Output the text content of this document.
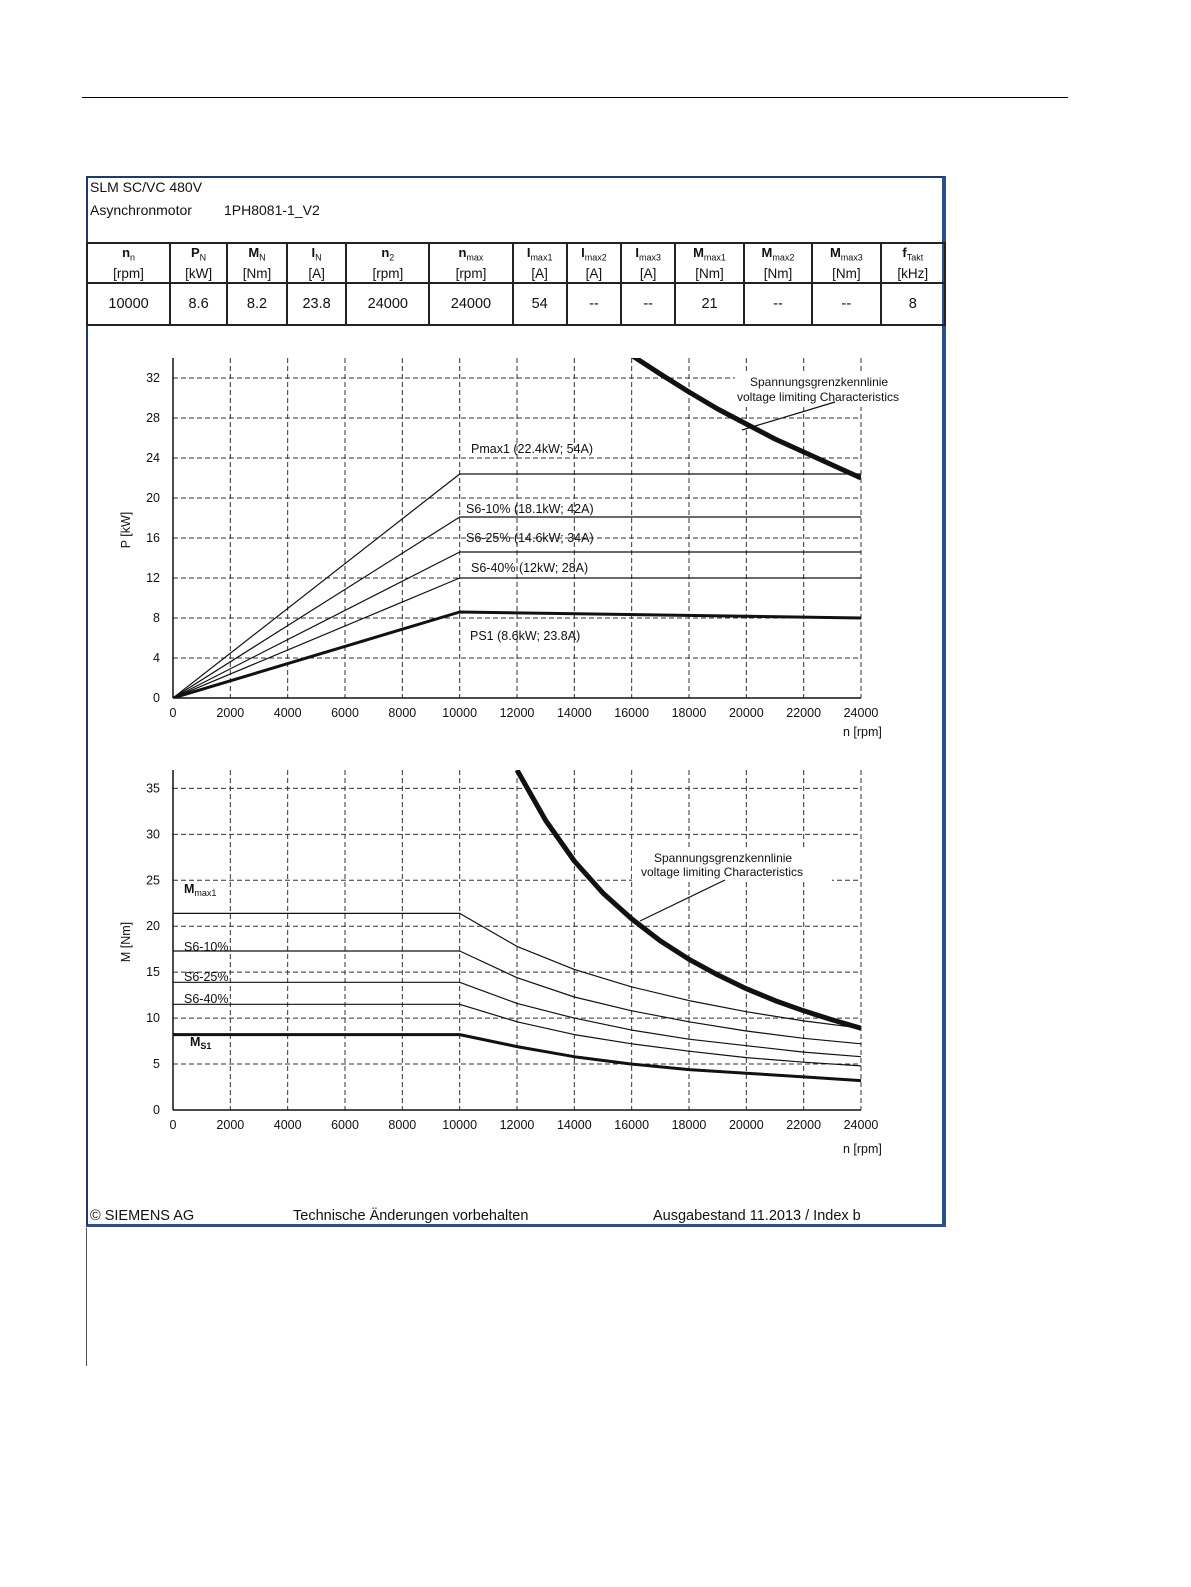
SLM SC/VC 480V
Asynchronmotor 1PH8081-1_V2
$n_n$	$P_N$	$M_N$	$I_N$	$n_2$	$n_{max}$	$I_{max1}$	$I_{max2}$	$I_{max3}$	$M_{max1}$	$M_{max2}$	$M_{max3}$	$f_{Takt}$
[rpm]	[kW]	[Nm]	[A]	[rpm]	[rpm]	[A]	[A]	[A]	[Nm]	[Nm]	[Nm]	[kHz]
10000	8.6	8.2	23.8	24000	24000	54	--	--	21	--	--	8
0	2000 4000 6000 8000 10000 12000 14000 16000 18000 20000 22000 24000
0
4
8
12
16
20
24
28
32
n [rpm]
P [kW]
Pmax1 (22.4kW; 54A)
S6-10% (18.1kW; 42A)
S6-25% (14.6kW; 34A)
S6-40% (12kW; 28A)
PS1 (8.6kW; 23.8A)
Spannungsgrenzkennlinie
voltage limiting Characteristics
0	2000 4000 6000 8000 10000 12000 14000 16000 18000 20000 22000 24000
0
5
10
15
20
25
30
35
n [rpm]
M [Nm]
$M_{max1}$
S6-10%
S6-25%
S6-40%
$M_{S1}$
Spannungsgrenzkennlinie
voltage limiting Characteristics
© SIEMENS AG	Technische Änderungen vorbehalten	Ausgabestand 11.2013 / Index b
